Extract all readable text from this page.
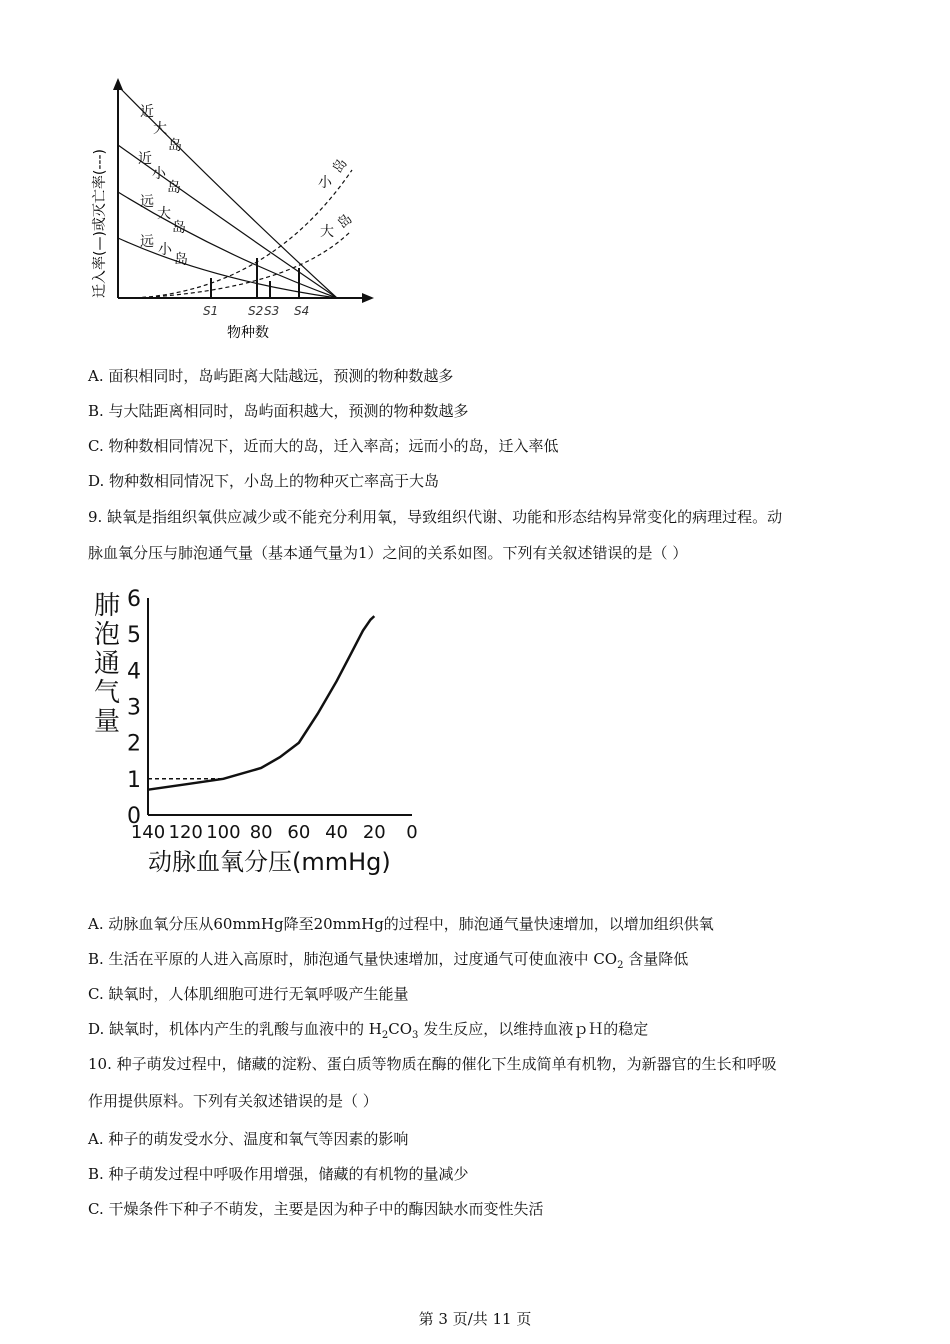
迁入率(—)或灭亡率(---)
S1 S2 S3 S4
物种数
近
大
岛
近
小
岛
远
大
岛
远 小
岛
小
岛
大 岛
A. 面积相同时，岛屿距离大陆越远，预测的物种数越多
B. 与大陆距离相同时，岛屿面积越大，预测的物种数越多
C. 物种数相同情况下，近而大的岛，迁入率高；远而小的岛，迁入率低
D. 物种数相同情况下，小岛上的物种灭亡率高于大岛
9. 缺氧是指组织氧供应减少或不能充分利用氧，导致组织代谢、功能和形态结构异常变化的病理过程。动
脉血氧分压与肺泡通气量（基本通气量为1）之间的关系如图。下列有关叙述错误的是（ ）
肺
泡
通
气
量
0
1
2
3
4
5
6
140 120 100 80 60 40 20 0
动脉血氧分压(mmHg)
A. 动脉血氧分压从60mmHg降至20mmHg的过程中，肺泡通气量快速增加，以增加组织供氧
B. 生活在平原的人进入高原时，肺泡通气量快速增加，过度通气可使血液中 $CO_2$ 含量降低
C. 缺氧时，人体肌细胞可进行无氧呼吸产生能量
D. 缺氧时，机体内产生的乳酸与血液中的 $H_2CO_3$ 发生反应，以维持血液ｐＨ的稳定
10. 种子萌发过程中，储藏的淀粉、蛋白质等物质在酶的催化下生成简单有机物，为新器官的生长和呼吸
作用提供原料。下列有关叙述错误的是（ ）
A. 种子的萌发受水分、温度和氧气等因素的影响
B. 种子萌发过程中呼吸作用增强，储藏的有机物的量减少
C. 干燥条件下种子不萌发，主要是因为种子中的酶因缺水而变性失活
第 3 页/共 11 页
